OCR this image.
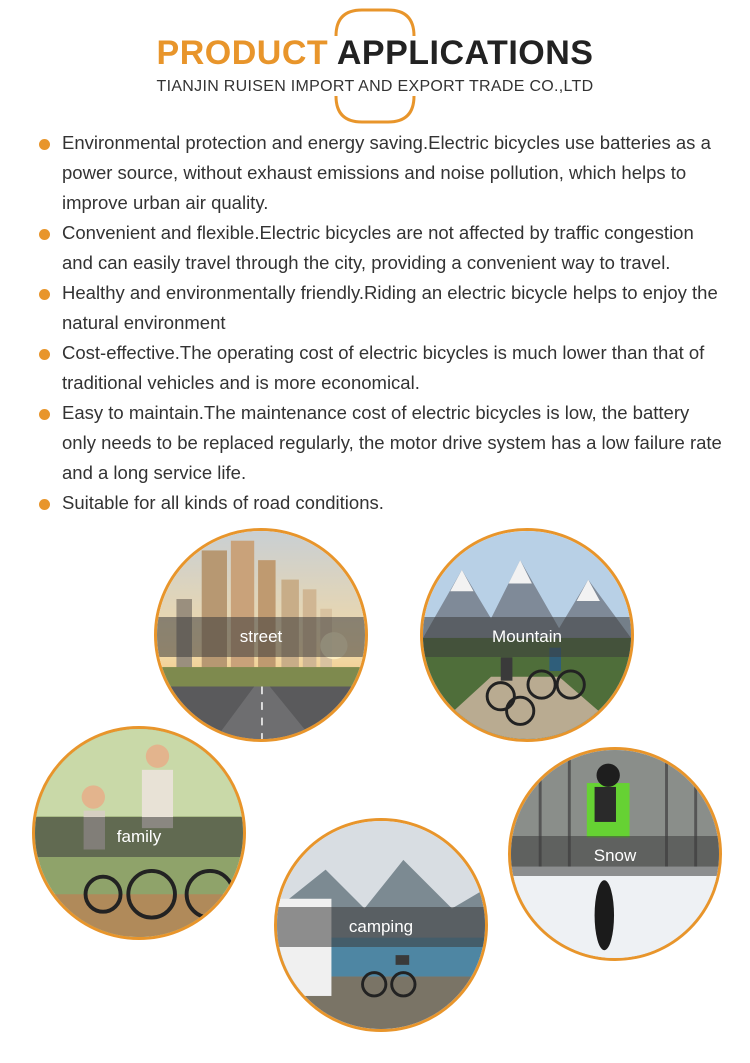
PRODUCT APPLICATIONS
TIANJIN RUISEN IMPORT AND EXPORT TRADE CO.,LTD
Environmental protection and energy saving.Electric bicycles use batteries as a power source, without exhaust emissions and noise pollution, which helps to improve urban air quality.
Convenient and flexible.Electric bicycles are not affected by traffic congestion and can easily travel through the city, providing a convenient way to travel.
Healthy and environmentally friendly.Riding an electric bicycle helps to enjoy the natural environment
Cost-effective.The operating cost of electric bicycles is much lower than that of traditional vehicles and is more economical.
Easy to maintain.The maintenance cost of electric bicycles is low, the battery only needs to be replaced regularly, the motor drive system has a low failure rate and a long service life.
Suitable for all kinds of road conditions.
street	Mountain
family
camping
Snow
